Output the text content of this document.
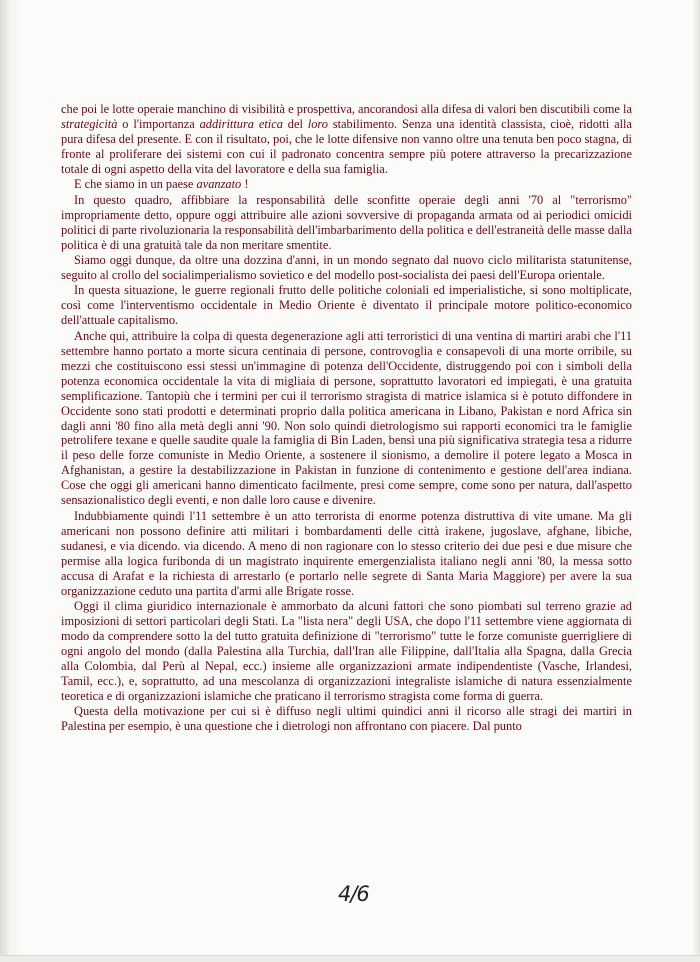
che poi le lotte operaie manchino di visibilità e prospettiva, ancorandosi alla difesa di valori ben discutibili come la strategicità o l'importanza addirittura etica del loro stabilimento. Senza una identità classista, cioè, ridotti alla pura difesa del presente. E con il risultato, poi, che le lotte difensive non vanno oltre una tenuta ben poco stagna, di fronte al proliferare dei sistemi con cui il padronato concentra sempre più potere attraverso la precarizzazione totale di ogni aspetto della vita del lavoratore e della sua famiglia.

E che siamo in un paese avanzato !

In questo quadro, affibbiare la responsabilità delle sconfitte operaie degli anni '70 al "terrorismo" impropriamente detto, oppure oggi attribuire alle azioni sovversive di propaganda armata od ai periodici omicidi politici di parte rivoluzionaria la responsabilità dell'imbarbarimento della politica e dell'estraneità delle masse dalla politica è di una gratuità tale da non meritare smentite.

Siamo oggi dunque, da oltre una dozzina d'anni, in un mondo segnato dal nuovo ciclo militarista statunitense, seguito al crollo del socialimperialismo sovietico e del modello post-socialista dei paesi dell'Europa orientale.

In questa situazione, le guerre regionali frutto delle politiche coloniali ed imperialistiche, si sono moltiplicate, così come l'interventismo occidentale in Medio Oriente è diventato il principale motore politico-economico dell'attuale capitalismo.

Anche qui, attribuire la colpa di questa degenerazione agli atti terroristici di una ventina di martiri arabi che l'11 settembre hanno portato a morte sicura centinaia di persone, controvoglia e consapevoli di una morte orribile, su mezzi che costituiscono essi stessi un'immagine di potenza dell'Occidente, distruggendo poi con i simboli della potenza economica occidentale la vita di migliaia di persone, soprattutto lavoratori ed impiegati, è una gratuita semplificazione. Tantopiù che i termini per cui il terrorismo stragista di matrice islamica si è potuto diffondere in Occidente sono stati prodotti e determinati proprio dalla politica americana in Libano, Pakistan e nord Africa sin dagli anni '80 fino alla metà degli anni '90. Non solo quindi dietrologismo sui rapporti economici tra le famiglie petrolifere texane e quelle saudite quale la famiglia di Bin Laden, bensì una più significativa strategia tesa a ridurre il peso delle forze comuniste in Medio Oriente, a sostenere il sionismo, a demolire il potere legato a Mosca in Afghanistan, a gestire la destabilizzazione in Pakistan in funzione di contenimento e gestione dell'area indiana. Cose che oggi gli americani hanno dimenticato facilmente, presi come sempre, come sono per natura, dall'aspetto sensazionalistico degli eventi, e non dalle loro cause e divenire.

Indubbiamente quindi l'11 settembre è un atto terrorista di enorme potenza distruttiva di vite umane. Ma gli americani non possono definire atti militari i bombardamenti delle città irakene, jugoslave, afghane, libiche, sudanesi, e via dicendo. via dicendo. A meno di non ragionare con lo stesso criterio dei due pesi e due misure che permise alla logica furibonda di un magistrato inquirente emergenzialista italiano negli anni '80, la messa sotto accusa di Arafat e la richiesta di arrestarlo (e portarlo nelle segrete di Santa Maria Maggiore) per avere la sua organizzazione ceduto una partita d'armi alle Brigate rosse.

Oggi il clima giuridico internazionale è ammorbato da alcuni fattori che sono piombati sul terreno grazie ad imposizioni di settori particolari degli Stati. La "lista nera" degli USA, che dopo l'11 settembre viene aggiornata di modo da comprendere sotto la del tutto gratuita definizione di "terrorismo" tutte le forze comuniste guerrigliere di ogni angolo del mondo (dalla Palestina alla Turchia, dall'Iran alle Filippine, dall'Italia alla Spagna, dalla Grecia alla Colombia, dal Perù al Nepal, ecc.) insieme alle organizzazioni armate indipendentiste (Vasche, Irlandesi, Tamil, ecc.), e, soprattutto, ad una mescolanza di organizzazioni integraliste islamiche di natura essenzialmente teoretica e di organizzazioni islamiche che praticano il terrorismo stragista come forma di guerra.

Questa della motivazione per cui si è diffuso negli ultimi quindici anni il ricorso alle stragi dei martiri in Palestina per esempio, è una questione che i dietrologi non affrontano con piacere. Dal punto

4/6
